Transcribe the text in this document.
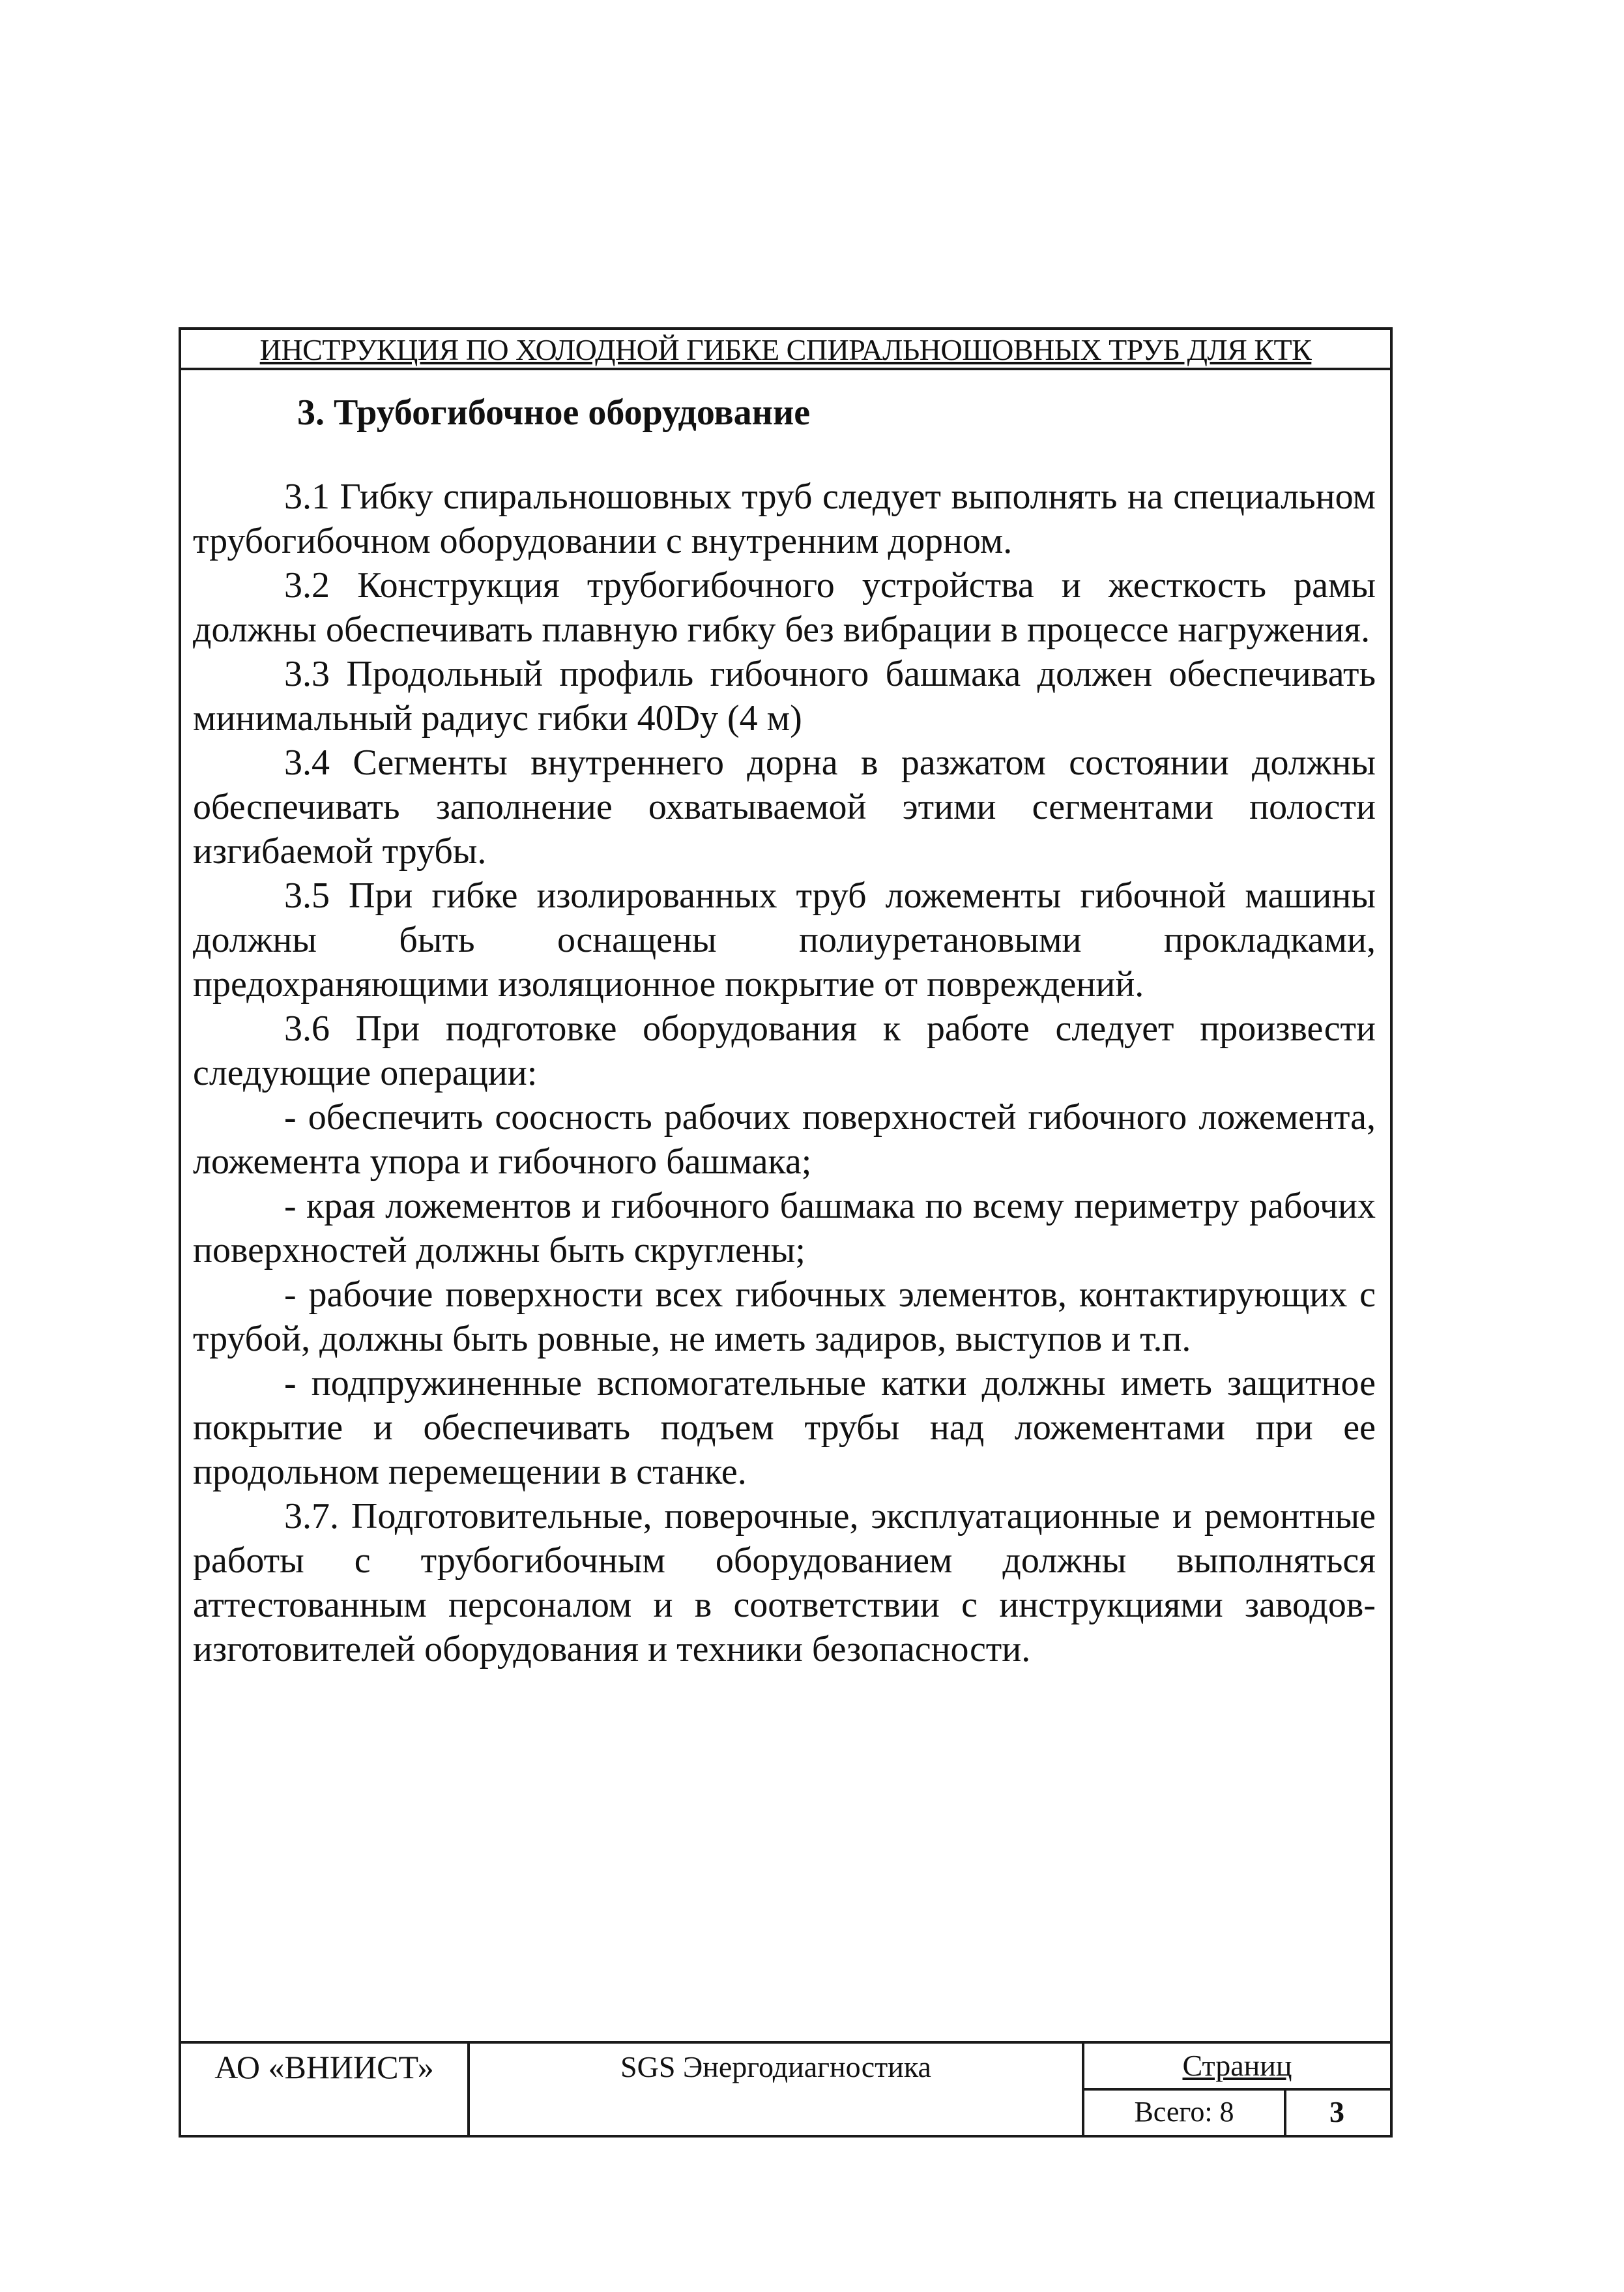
ИНСТРУКЦИЯ ПО ХОЛОДНОЙ ГИБКЕ СПИРАЛЬНОШОВНЫХ ТРУБ ДЛЯ КТК
3. Трубогибочное оборудование

3.1 Гибку спиральношовных труб следует выполнять на специальном трубогибочном оборудовании с внутренним дорном.

3.2 Конструкция трубогибочного устройства и жесткость рамы должны обеспечивать плавную гибку без вибрации в процессе нагружения.

3.3 Продольный профиль гибочного башмака должен обеспечивать минимальный радиус гибки 40Dy (4 м)

3.4 Сегменты внутреннего дорна в разжатом состоянии должны обеспечивать заполнение охватываемой этими сегментами полости изгибаемой трубы.

3.5 При гибке изолированных труб ложементы гибочной машины должны быть оснащены полиуретановыми прокладками, предохраняющими изоляционное покрытие от повреждений.

3.6 При подготовке оборудования к работе следует произвести следующие операции:

- обеспечить соосность рабочих поверхностей гибочного ложемента, ложемента упора и гибочного башмака;

- края ложементов и гибочного башмака по всему периметру рабочих поверхностей должны быть скруглены;

- рабочие поверхности всех гибочных элементов, контактирующих с трубой, должны быть ровные, не иметь задиров, выступов и т.п.

- подпружиненные вспомогательные катки должны иметь защитное покрытие и обеспечивать подъем трубы над ложементами при ее продольном перемещении в станке.

3.7. Подготовительные, поверочные, эксплуатационные и ремонтные работы с трубогибочным оборудованием должны выполняться аттестованным персоналом и в соответствии с инструкциями заводов-изготовителей оборудования и техники безопасности.

АО «ВНИИСТ»	SGS Энергодиагностика	Страниц
Всего: 8	3
